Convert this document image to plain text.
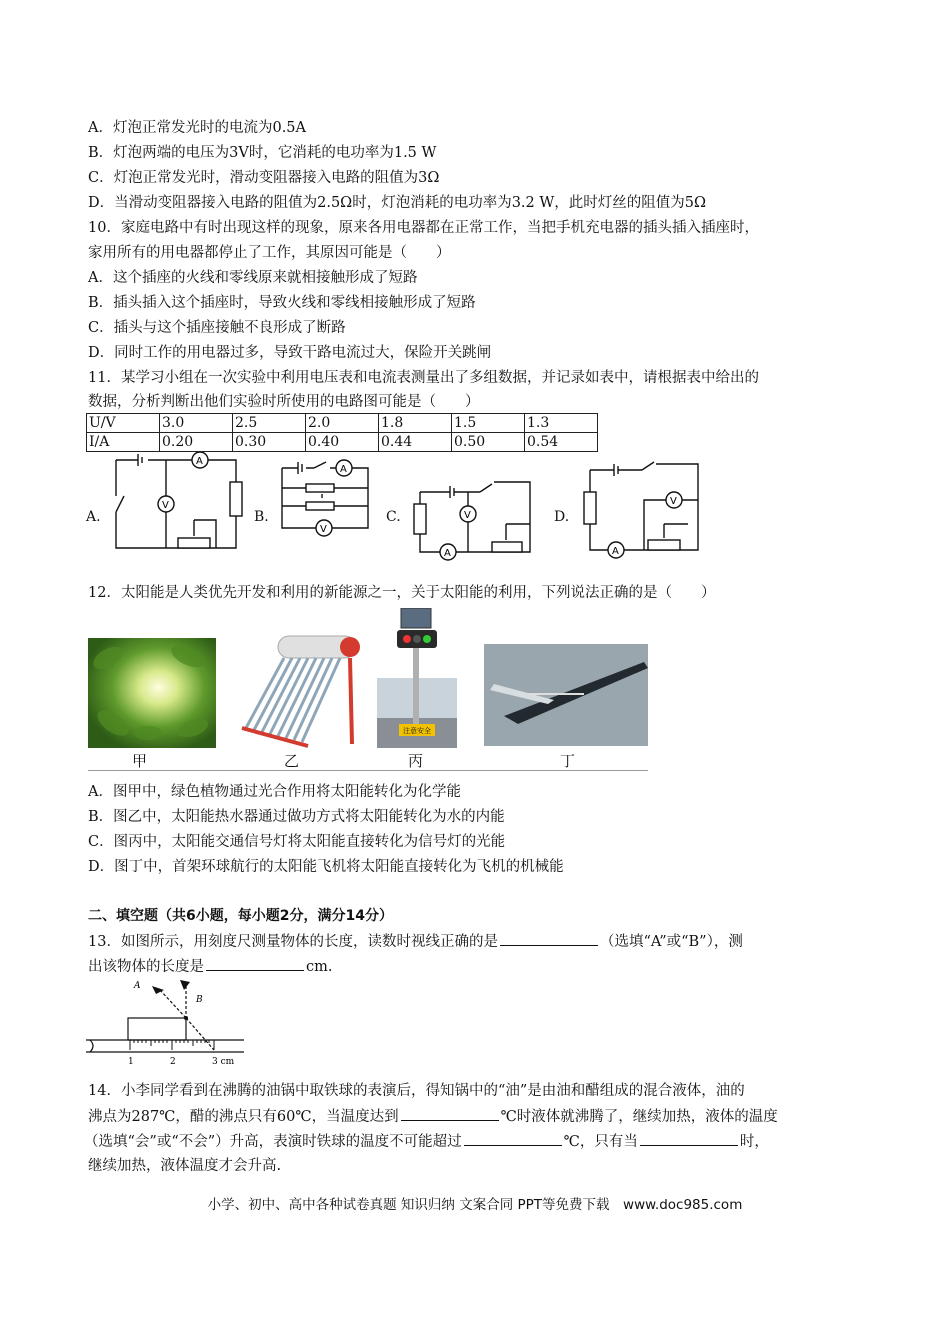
A．灯泡正常发光时的电流为0.5A
B．灯泡两端的电压为3V时，它消耗的电功率为1.5 W
C．灯泡正常发光时，滑动变阻器接入电路的阻值为3Ω
D．当滑动变阻器接入电路的阻值为2.5Ω时，灯泡消耗的电功率为3.2 W，此时灯丝的阻值为5Ω
10．家庭电路中有时出现这样的现象，原来各用电器都在正常工作，当把手机充电器的插头插入插座时，
家用所有的用电器都停止了工作，其原因可能是（　　）
A．这个插座的火线和零线原来就相接触形成了短路
B．插头插入这个插座时，导致火线和零线相接触形成了短路
C．插头与这个插座接触不良形成了断路
D．同时工作的用电器过多，导致干路电流过大，保险开关跳闸
11．某学习小组在一次实验中利用电压表和电流表测量出了多组数据，并记录如表中，请根据表中给出的
数据，分析判断出他们实验时所使用的电路图可能是（　　）
U/V	3.0	2.5	2.0	1.8	1.5	1.3
I/A	0.20	0.30	0.40	0.44	0.50	0.54
A.
A
V
B.
A
V
C.
A
V	D.
A
V
12．太阳能是人类优先开发和利用的新能源之一，关于太阳能的利用，下列说法正确的是（　　）
注意安全
甲	乙	丙	丁
A．图甲中，绿色植物通过光合作用将太阳能转化为化学能
B．图乙中，太阳能热水器通过做功方式将太阳能转化为水的内能
C．图丙中，太阳能交通信号灯将太阳能直接转化为信号灯的光能
D．图丁中，首架环球航行的太阳能飞机将太阳能直接转化为飞机的机械能
二、填空题（共6小题，每小题2分，满分14分）
13．如图所示，用刻度尺测量物体的长度，读数时视线正确的是	（选填“A”或“B”），测
出该物体的长度是	cm.
A
B
1	2	3 cm
14．小李同学看到在沸腾的油锅中取铁球的表演后，得知锅中的“油”是由油和醋组成的混合液体，油的
沸点为287℃，醋的沸点只有60℃，当温度达到	℃时液体就沸腾了，继续加热，液体的温度
（选填“会”或“不会”）升高，表演时铁球的温度不可能超过	℃，只有当	时，
继续加热，液体温度才会升高.
小学、初中、高中各种试卷真题 知识归纳 文案合同 PPT等免费下载　www.doc985.com
